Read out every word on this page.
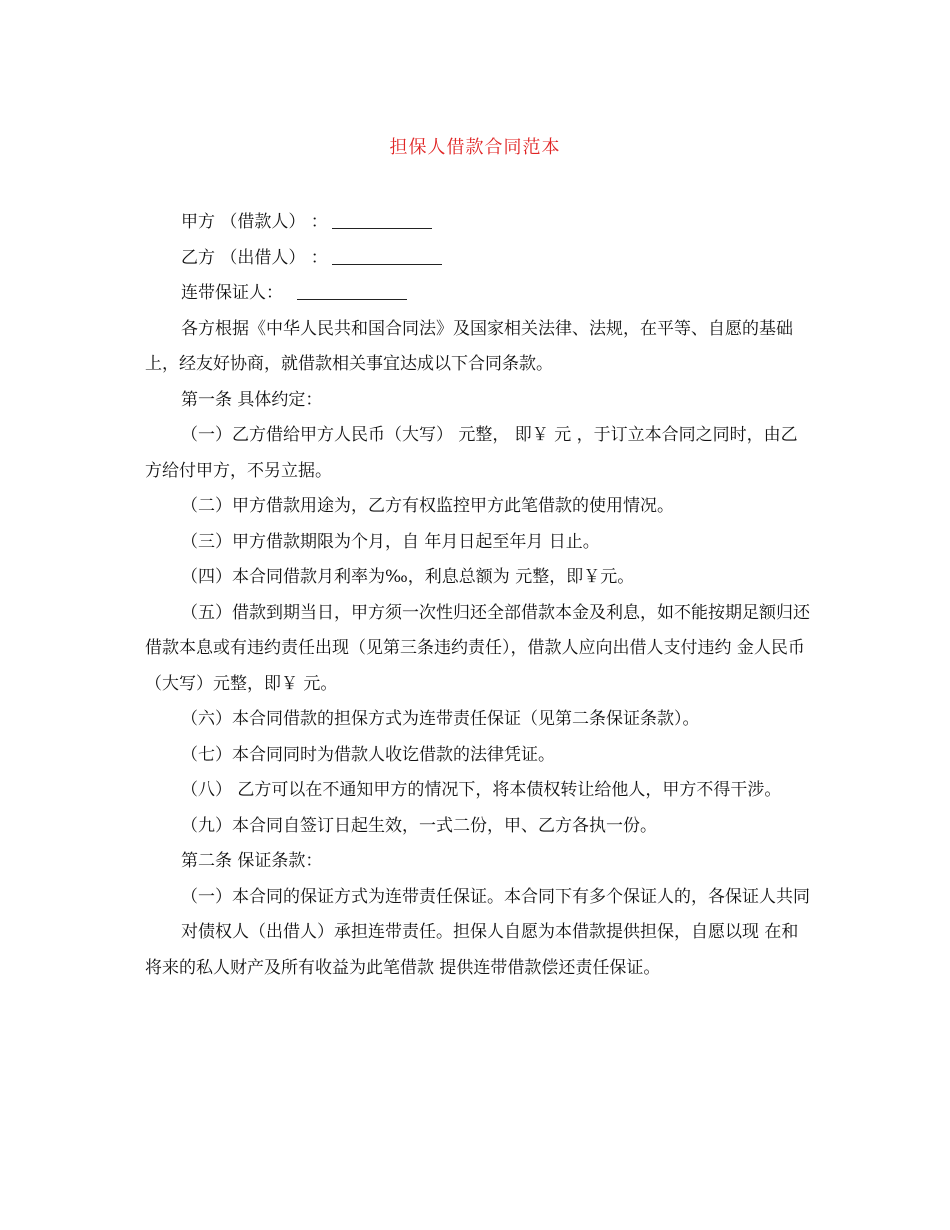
担保人借款合同范本

甲方 （借款人） ：

乙方 （出借人） ：

连带保证人：

各方根据《中华人民共和国合同法》及国家相关法律、法规，在平等、自愿的基础上，经友好协商，就借款相关事宜达成以下合同条款。

第一条 具体约定：

（一）乙方借给甲方人民币（大写） 元整， 即￥ 元 ，于订立本合同之同时，由乙方给付甲方，不另立据。

（二）甲方借款用途为，乙方有权监控甲方此笔借款的使用情况。

（三）甲方借款期限为个月，自 年月日起至年月 日止。

（四）本合同借款月利率为‰，利息总额为 元整，即￥元。

（五）借款到期当日，甲方须一次性归还全部借款本金及利息，如不能按期足额归还 借款本息或有违约责任出现（见第三条违约责任），借款人应向出借人支付违约 金人民币（大写）元整，即￥ 元。

（六）本合同借款的担保方式为连带责任保证（见第二条保证条款）。

（七）本合同同时为借款人收讫借款的法律凭证。

（八） 乙方可以在不通知甲方的情况下，将本债权转让给他人，甲方不得干涉。

（九）本合同自签订日起生效，一式二份，甲、乙方各执一份。

第二条 保证条款：

（一）本合同的保证方式为连带责任保证。本合同下有多个保证人的，各保证人共同

对债权人（出借人）承担连带责任。担保人自愿为本借款提供担保，自愿以现 在和将来的私人财产及所有收益为此笔借款 提供连带借款偿还责任保证。
